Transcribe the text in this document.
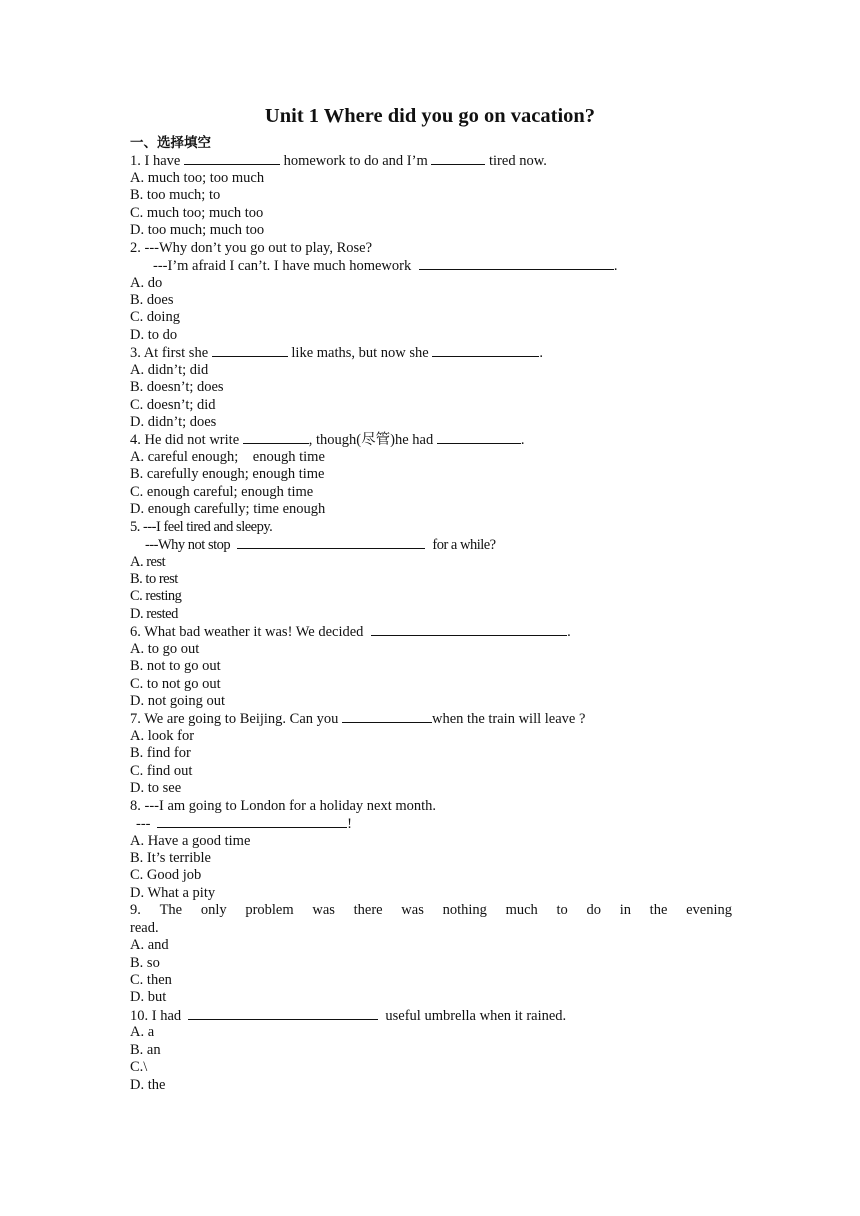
Unit 1 Where did you go on vacation?
一、选择填空
1. I have	homework to do and I’m	tired now.
A. much too; too much
B. too much; to
C. much too; much too
D. too much; much too
2. ---Why don’t you go out to play, Rose?
---I’m afraid I can’t. I have much homework	.
A. do
B. does
C. doing
D. to do
3. At first she	like maths, but now she	.
A. didn’t; did
B. doesn’t; does
C. doesn’t; did
D. didn’t; does
4. He did not write	, though(尽管)he had	.
A. careful enough;    enough time
B. carefully enough; enough time
C. enough careful; enough time
D. enough carefully; time enough
5. ---I feel tired and sleepy.
---Why not stop	for a while?
A. rest
B. to rest
C. resting
D. rested
6. What bad weather it was! We decided	.
A. to go out
B. not to go out
C. to not go out
D. not going out
7. We are going to Beijing. Can you	when the train will leave ?
A. look for
B. find for
C. find out
D. to see
8. ---I am going to London for a holiday next month.
---	!
A. Have a good time
B. It’s terrible
C. Good job
D. What a pity
9. The only problem was there was nothing much to do in the evening
read.
A. and
B. so
C. then
D. but
10. I had	useful umbrella when it rained.
A. a
B. an
C.\
D. the
